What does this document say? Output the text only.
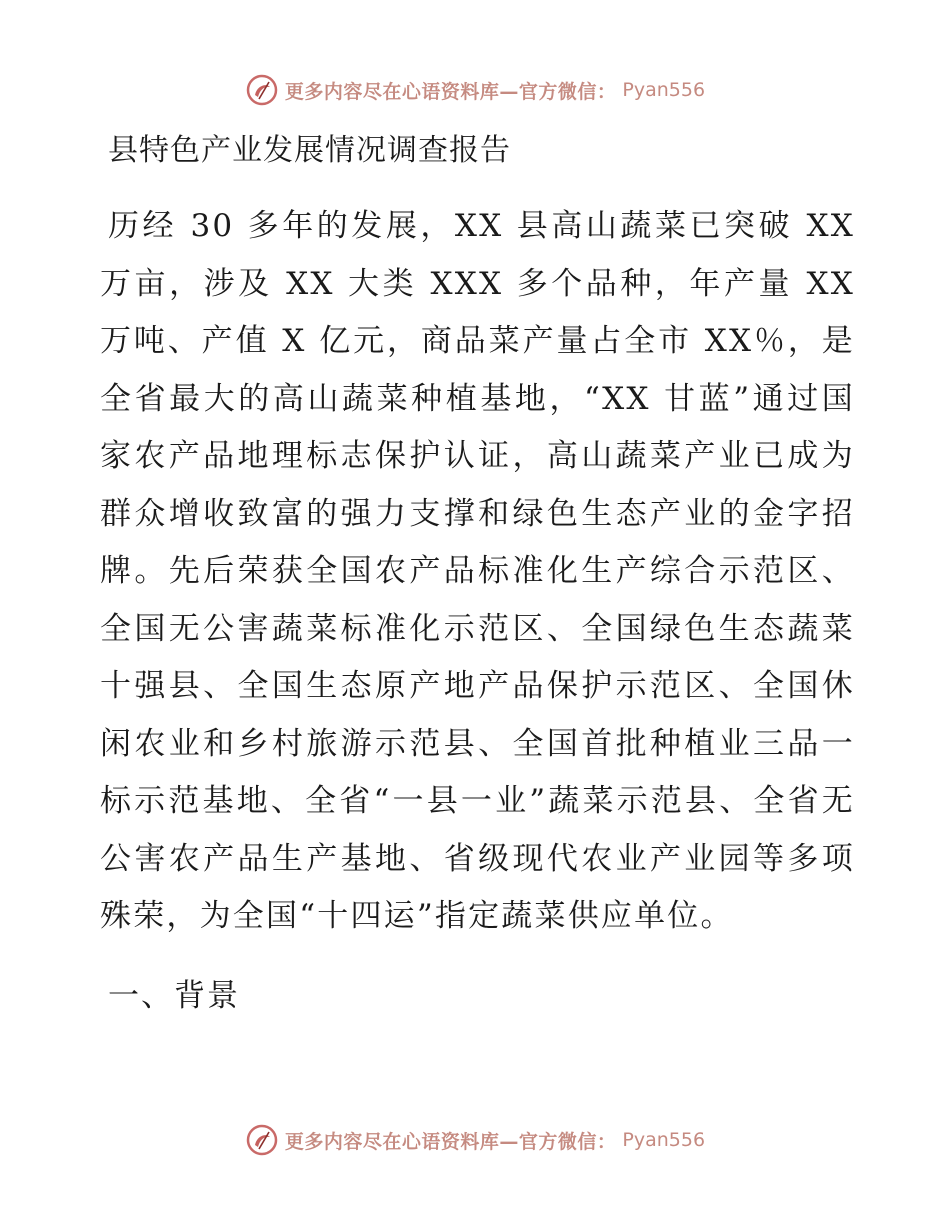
更多内容尽在心语资料库—官方微信： Pyan556
县特色产业发展情况调查报告
历经 30 多年的发展，XX 县高山蔬菜已突破 XX 万亩，涉及 XX 大类 XXX 多个品种，年产量 XX 万吨、产值 X 亿元，商品菜产量占全市 XX％，是全省最大的高山蔬菜种植基地，“XX 甘蓝”通过国家农产品地理标志保护认证，高山蔬菜产业已成为群众增收致富的强力支撑和绿色生态产业的金字招牌。先后荣获全国农产品标准化生产综合示范区、全国无公害蔬菜标准化示范区、全国绿色生态蔬菜十强县、全国生态原产地产品保护示范区、全国休闲农业和乡村旅游示范县、全国首批种植业三品一标示范基地、全省“一县一业”蔬菜示范县、全省无公害农产品生产基地、省级现代农业产业园等多项殊荣，为全国“十四运”指定蔬菜供应单位。
一、背景
更多内容尽在心语资料库—官方微信： Pyan556
